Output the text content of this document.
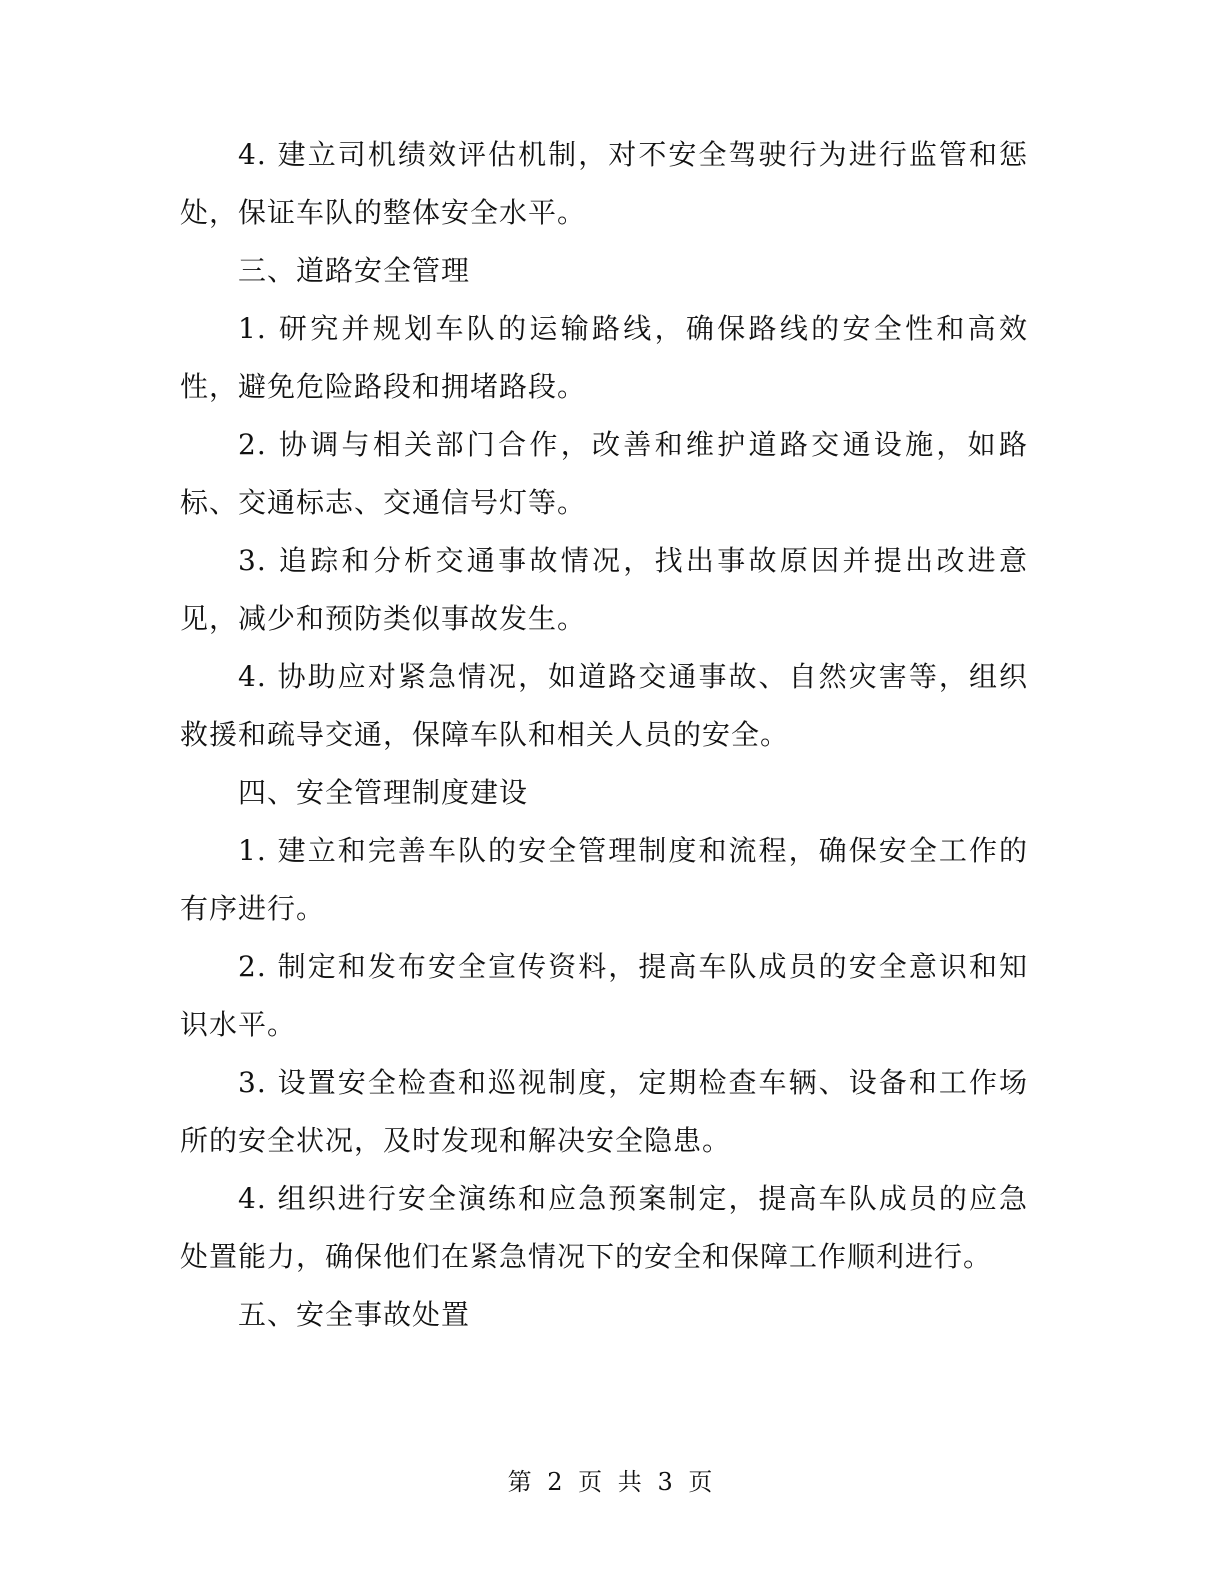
4. 建立司机绩效评估机制，对不安全驾驶行为进行监管和惩处，保证车队的整体安全水平。

三、道路安全管理

1. 研究并规划车队的运输路线，确保路线的安全性和高效性，避免危险路段和拥堵路段。

2. 协调与相关部门合作，改善和维护道路交通设施，如路标、交通标志、交通信号灯等。

3. 追踪和分析交通事故情况，找出事故原因并提出改进意见，减少和预防类似事故发生。

4. 协助应对紧急情况，如道路交通事故、自然灾害等，组织救援和疏导交通，保障车队和相关人员的安全。

四、安全管理制度建设

1. 建立和完善车队的安全管理制度和流程，确保安全工作的有序进行。

2. 制定和发布安全宣传资料，提高车队成员的安全意识和知识水平。

3. 设置安全检查和巡视制度，定期检查车辆、设备和工作场所的安全状况，及时发现和解决安全隐患。

4. 组织进行安全演练和应急预案制定，提高车队成员的应急处置能力，确保他们在紧急情况下的安全和保障工作顺利进行。

五、安全事故处置

第 2 页 共 3 页
